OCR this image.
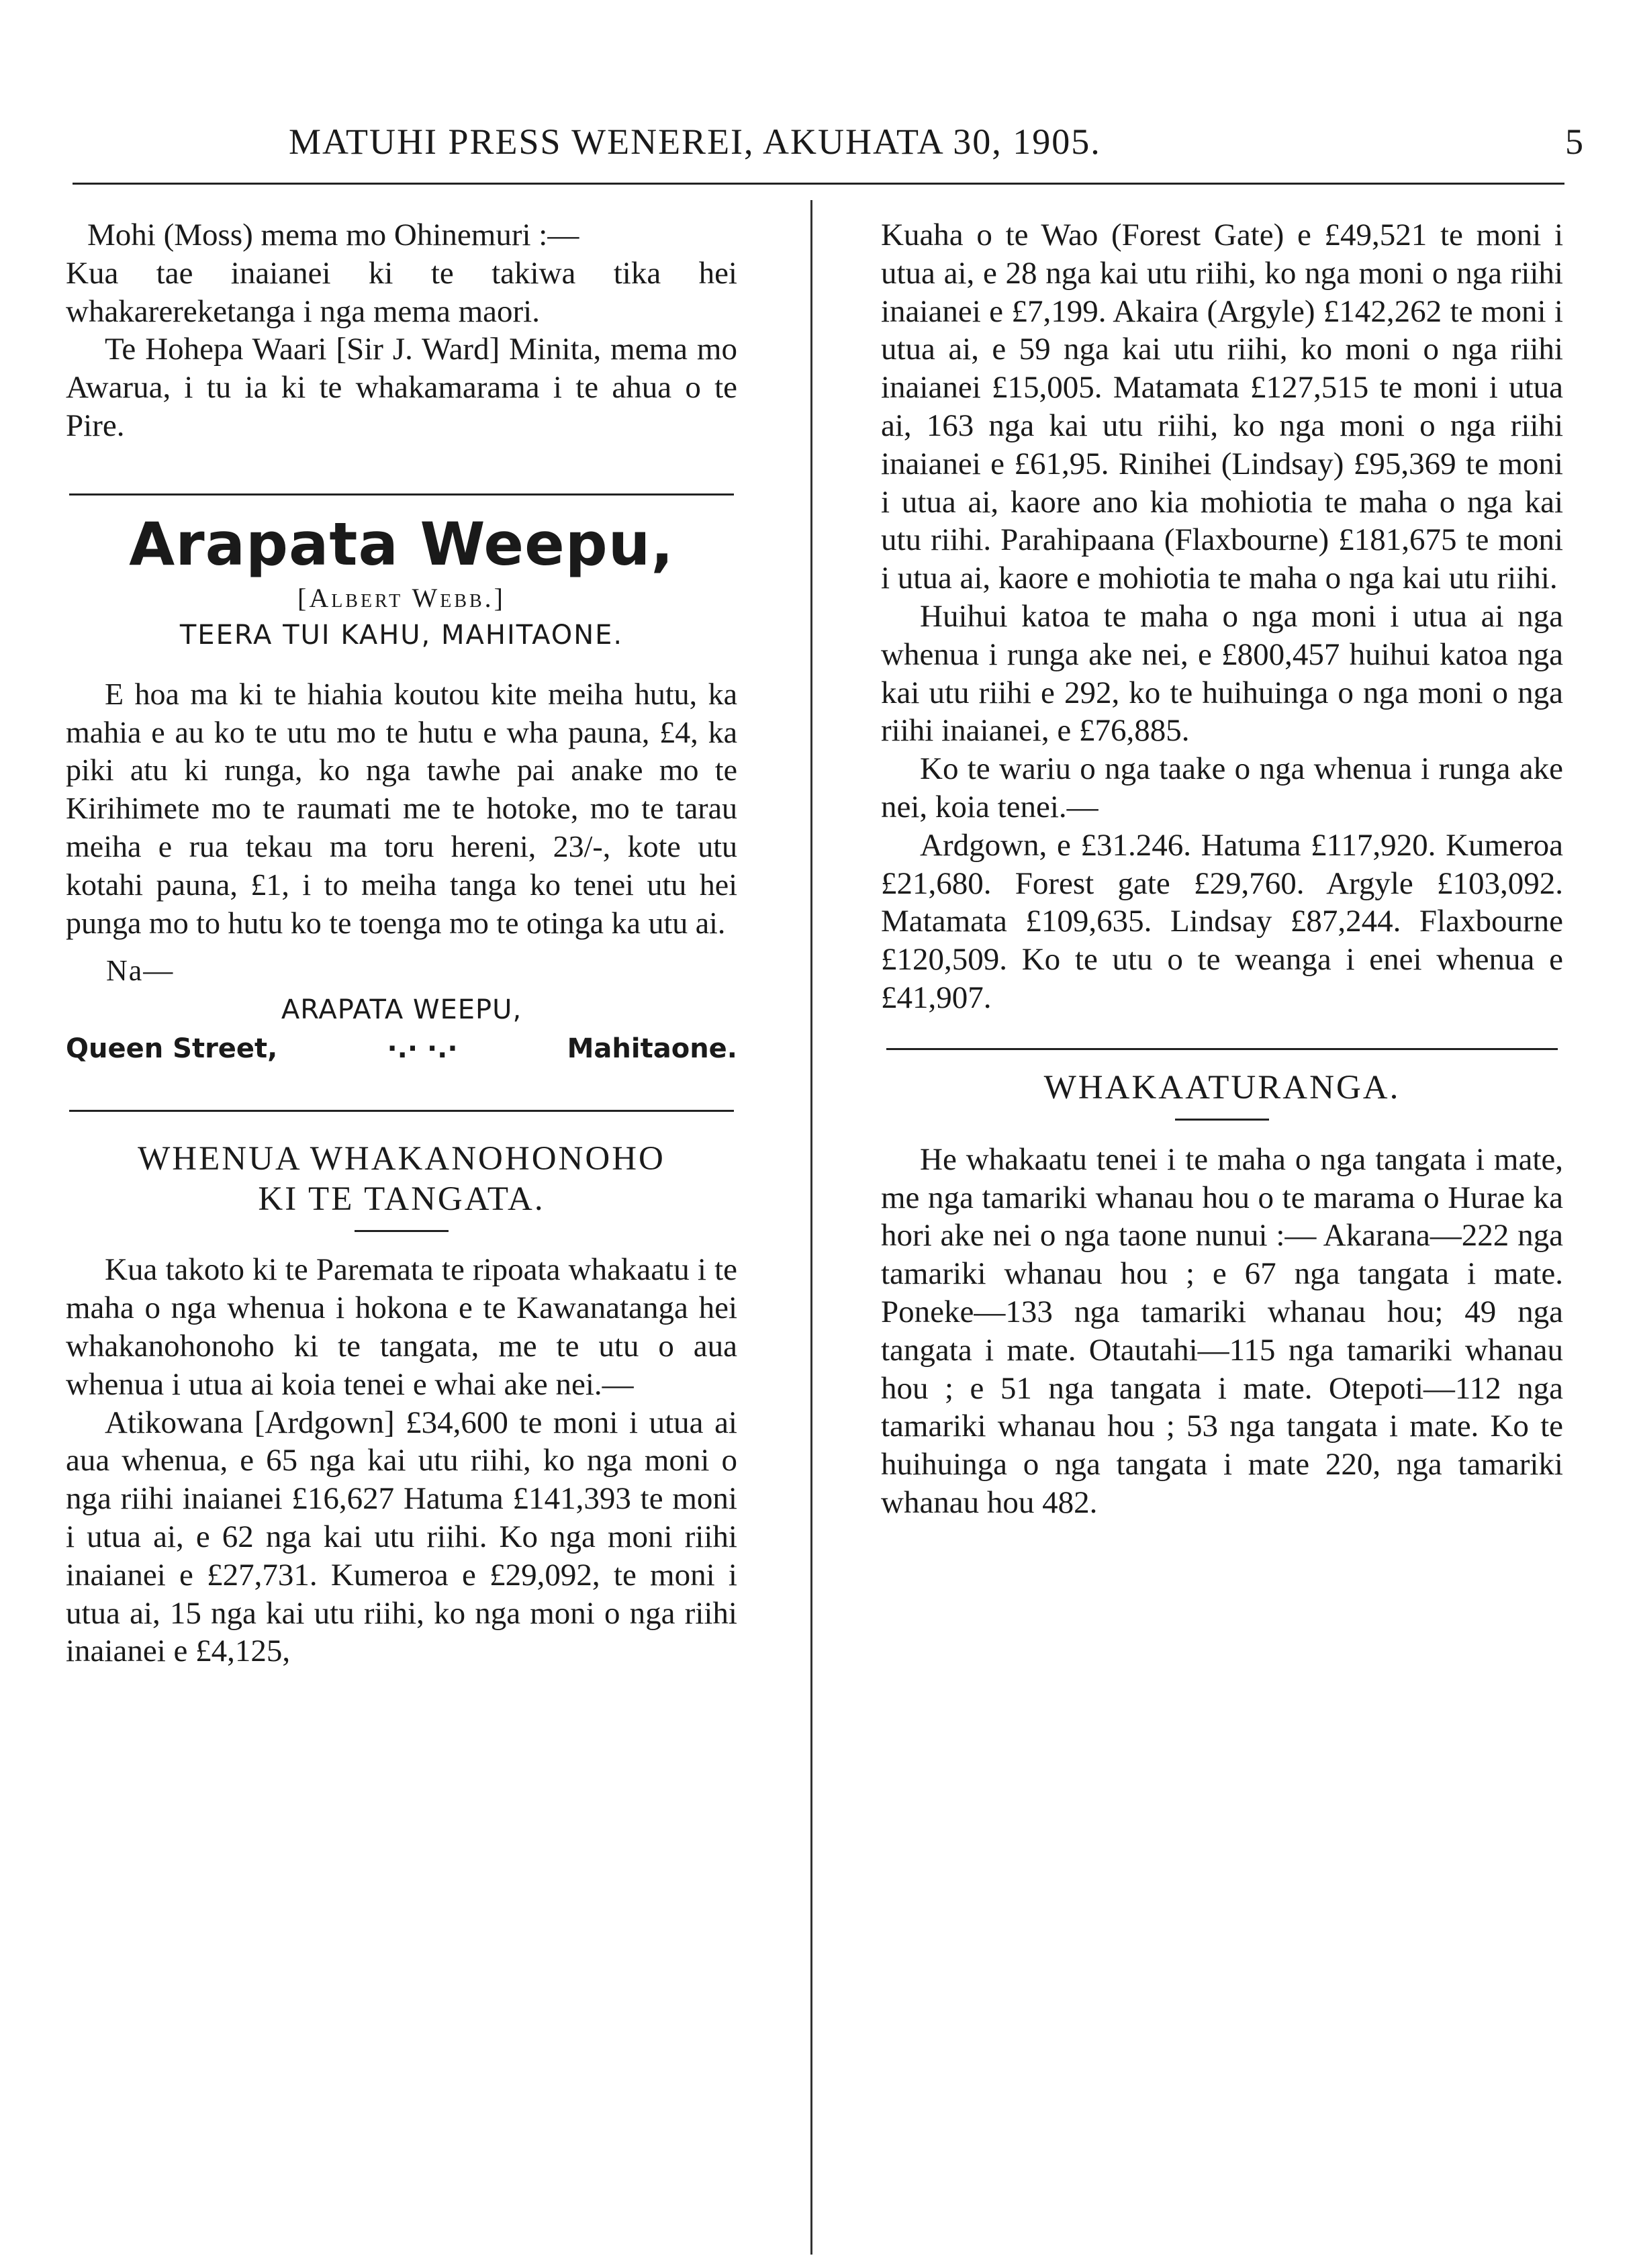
MATUHI PRESS WENEREI, AKUHATA 30, 1905.	5

Mohi (Moss) mema mo Ohinemuri :—

Kua tae inaianei ki te takiwa tika hei whakarereketanga i nga mema maori.

Te Hohepa Waari [Sir J. Ward] Minita, mema mo Awarua, i tu ia ki te whakamarama i te ahua o te Pire.

Arapata Weepu,
[Albert Webb.]
TEERA TUI KAHU, MAHITAONE.

E hoa ma ki te hiahia koutou kite meiha hutu, ka mahia e au ko te utu mo te hutu e wha pauna, £4, ka piki atu ki runga, ko nga tawhe pai anake mo te Kirihimete mo te raumati me te hotoke, mo te tarau meiha e rua tekau ma toru hereni, 23/-, kote utu kotahi pauna, £1, i to meiha tanga ko tenei utu hei punga mo to hutu ko te toenga mo te otinga ka utu ai.

Na—
ARAPATA WEEPU,
Queen Street,	·.· ·.·	Mahitaone.
WHENUA WHAKANOHONOHO
KI TE TANGATA.

Kua takoto ki te Paremata te ripoata whakaatu i te maha o nga whenua i hokona e te Kawanatanga hei whakanohonoho ki te tangata, me te utu o aua whenua i utua ai koia tenei e whai ake nei.—

Atikowana [Ardgown] £34,600 te moni i utua ai aua whenua, e 65 nga kai utu riihi, ko nga moni o nga riihi inaianei £16,627 Hatuma £141,393 te moni i utua ai, e 62 nga kai utu riihi. Ko nga moni riihi inaianei e £27,731. Kumeroa e £29,092, te moni i utua ai, 15 nga kai utu riihi, ko nga moni o nga riihi inaianei e £4,125,

Kuaha o te Wao (Forest Gate) e £49,521 te moni i utua ai, e 28 nga kai utu riihi, ko nga moni o nga riihi inaianei e £7,199. Akaira (Argyle) £142,262 te moni i utua ai, e 59 nga kai utu riihi, ko moni o nga riihi inaianei £15,005. Matamata £127,515 te moni i utua ai, 163 nga kai utu riihi, ko nga moni o nga riihi inaianei e £61,95. Rinihei (Lindsay) £95,369 te moni i utua ai, kaore ano kia mohiotia te maha o nga kai utu riihi. Parahipaana (Flaxbourne) £181,675 te moni i utua ai, kaore e mohiotia te maha o nga kai utu riihi.

Huihui katoa te maha o nga moni i utua ai nga whenua i runga ake nei, e £800,457 huihui katoa nga kai utu riihi e 292, ko te huihuinga o nga moni o nga riihi inaianei, e £76,885.

Ko te wariu o nga taake o nga whenua i runga ake nei, koia tenei.—

Ardgown, e £31.246. Hatuma £117,920. Kumeroa £21,680. Forest gate £29,760. Argyle £103,092. Matamata £109,635. Lindsay £87,244. Flaxbourne £120,509. Ko te utu o te weanga i enei whenua e £41,907.

WHAKAATURANGA.

He whakaatu tenei i te maha o nga tangata i mate, me nga tamariki whanau hou o te marama o Hurae ka hori ake nei o nga taone nunui :— Akarana—222 nga tamariki whanau hou ; e 67 nga tangata i mate. Poneke—133 nga tamariki whanau hou; 49 nga tangata i mate. Otautahi—115 nga tamariki whanau hou ; e 51 nga tangata i mate. Otepoti—112 nga tamariki whanau hou ; 53 nga tangata i mate. Ko te huihuinga o nga tangata i mate 220, nga tamariki whanau hou 482.
